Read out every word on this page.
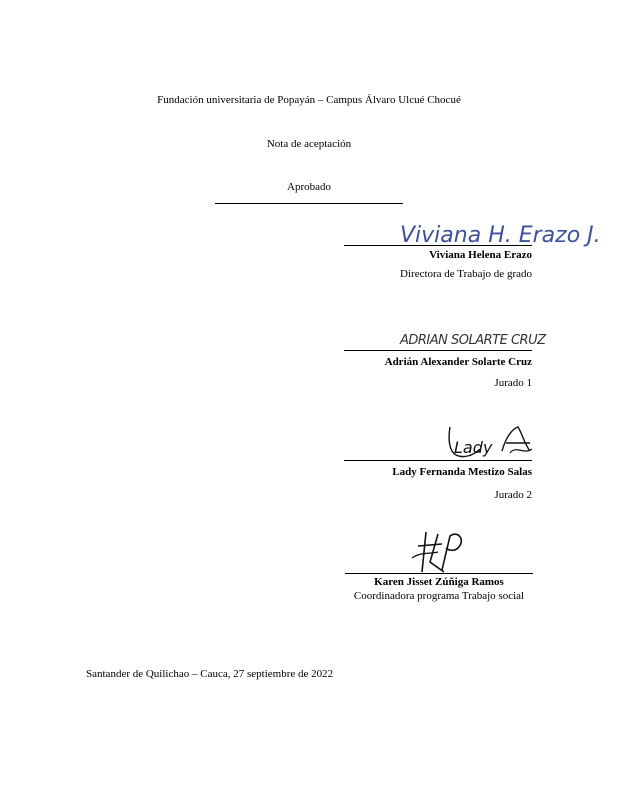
Fundación universitaria de Popayán – Campus Álvaro Ulcué Chocué
Nota de aceptación
Aprobado
Viviana H. Erazo J.
Viviana Helena Erazo
Directora de Trabajo de grado
ADRIAN SOLARTE CRUZ
Adrián Alexander Solarte Cruz
Jurado 1
Lady
Lady Fernanda Mestizo Salas
Jurado 2
Karen Jisset Zúñiga Ramos
Coordinadora programa Trabajo social
Santander de Quilichao – Cauca, 27 septiembre de 2022
